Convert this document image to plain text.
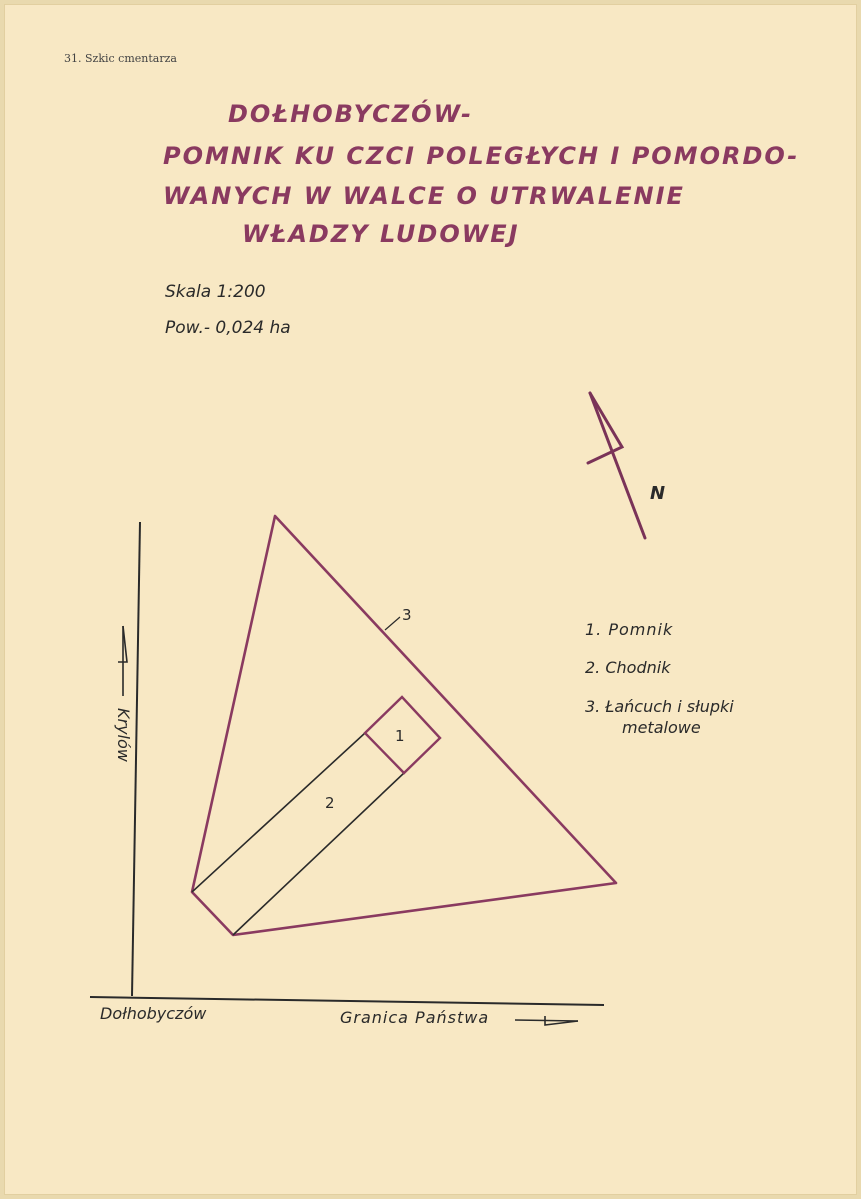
31. Szkic cmentarza
DOŁHOBYCZÓW-
POMNIK KU CZCI POLEGŁYCH I POMORDO-
WANYCH W WALCE O UTRWALENIE
WŁADZY LUDOWEJ
Skala 1:200
Pow.- 0,024 ha
N
Krylów	1
2
3
Dołhobyczów	Granica Państwa
1. Pomnik
2. Chodnik
3. Łańcuch i słupki
metalowe
